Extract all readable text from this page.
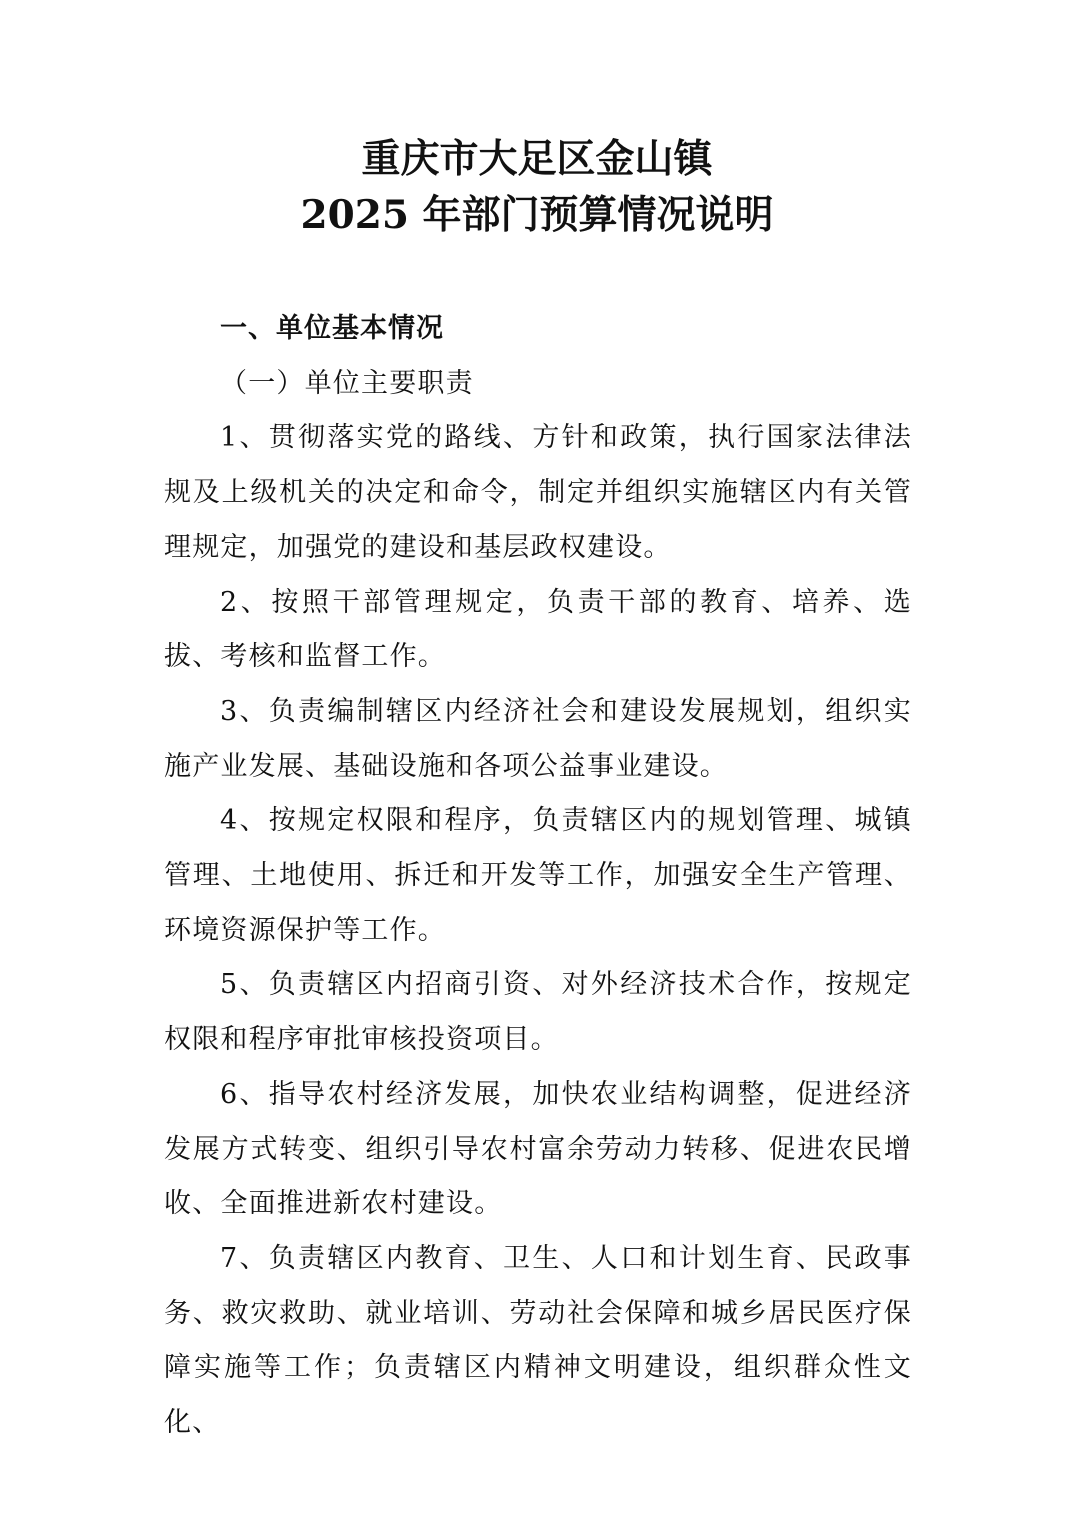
重庆市大足区金山镇
2025 年部门预算情况说明

一、单位基本情况

（一）单位主要职责

1、贯彻落实党的路线、方针和政策，执行国家法律法规及上级机关的决定和命令，制定并组织实施辖区内有关管理规定，加强党的建设和基层政权建设。

2、按照干部管理规定，负责干部的教育、培养、选拔、考核和监督工作。

3、负责编制辖区内经济社会和建设发展规划，组织实施产业发展、基础设施和各项公益事业建设。

4、按规定权限和程序，负责辖区内的规划管理、城镇管理、土地使用、拆迁和开发等工作，加强安全生产管理、环境资源保护等工作。

5、负责辖区内招商引资、对外经济技术合作，按规定权限和程序审批审核投资项目。

6、指导农村经济发展，加快农业结构调整，促进经济发展方式转变、组织引导农村富余劳动力转移、促进农民增收、全面推进新农村建设。

7、负责辖区内教育、卫生、人口和计划生育、民政事务、救灾救助、就业培训、劳动社会保障和城乡居民医疗保障实施等工作；负责辖区内精神文明建设，组织群众性文化、
